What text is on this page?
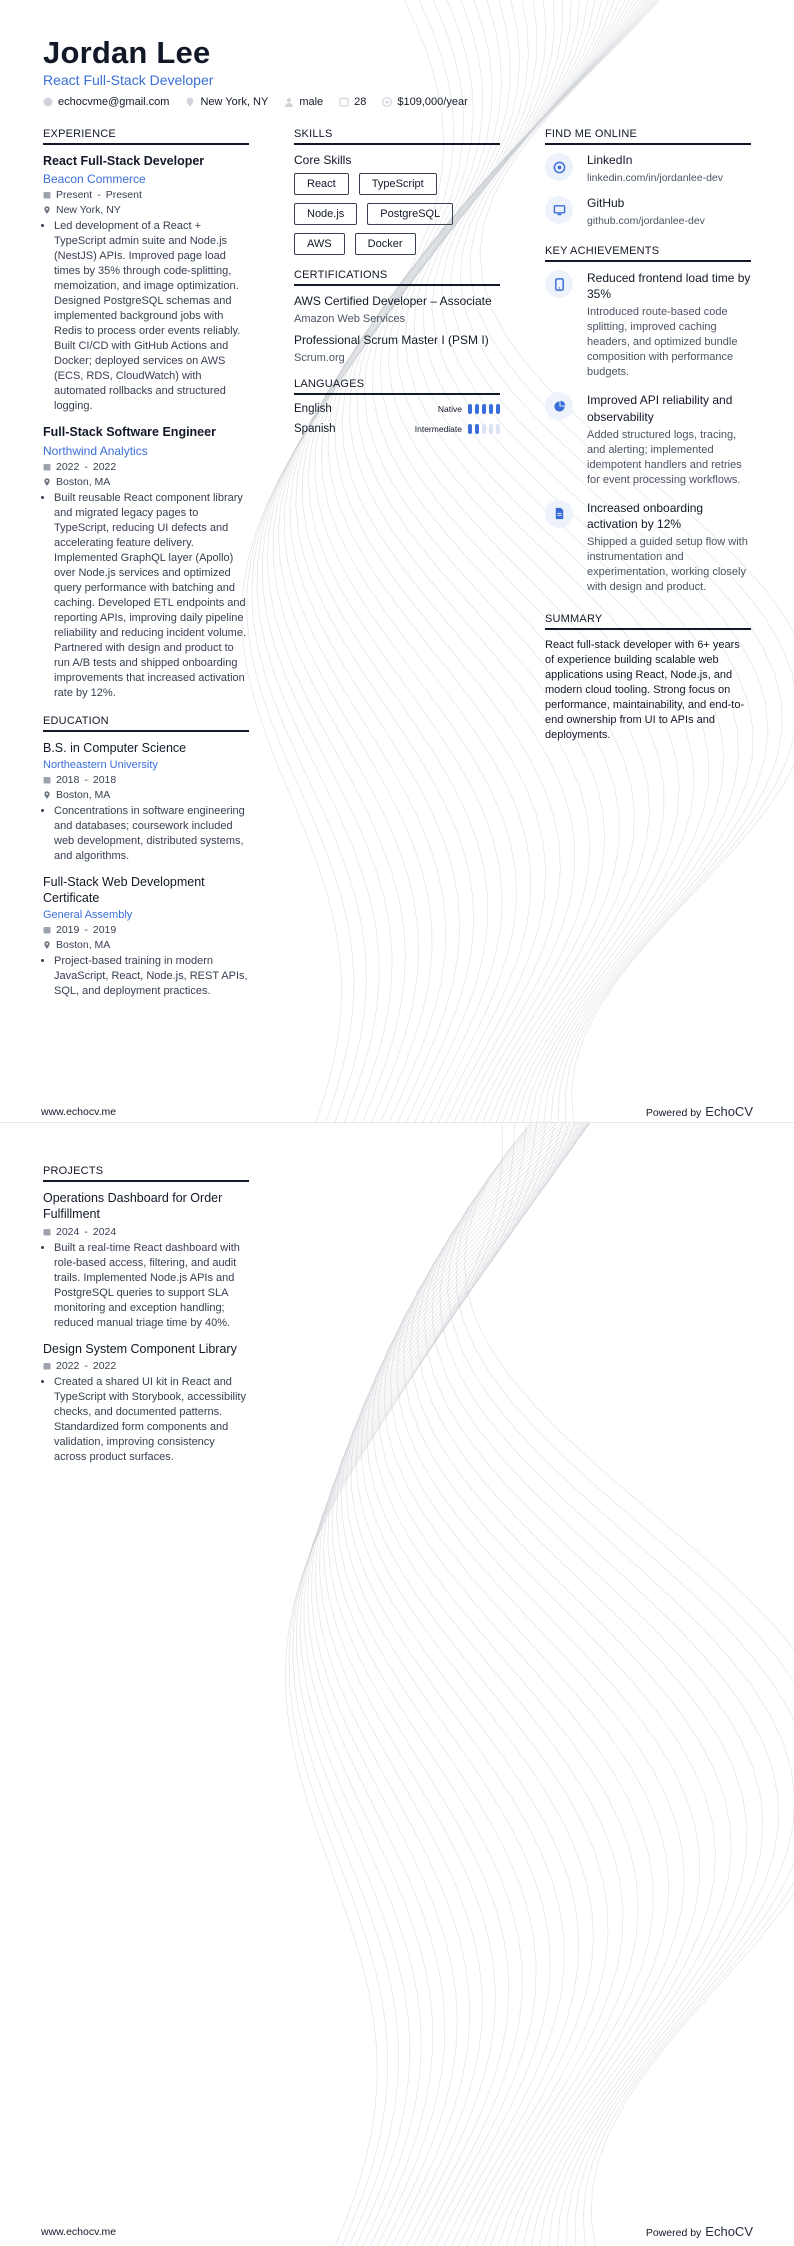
Jordan Lee
React Full-Stack Developer
echocvme@gmail.com	New York, NY	male	28	$109,000/year
EXPERIENCE
React Full-Stack Developer
Beacon Commerce
Present - Present
New York, NY
• Led development of a React + TypeScript admin suite and Node.js (NestJS) APIs. Improved page load times by 35% through code-splitting, memoization, and image optimization. Designed PostgreSQL schemas and implemented background jobs with Redis to process order events reliably. Built CI/CD with GitHub Actions and Docker; deployed services on AWS (ECS, RDS, CloudWatch) with automated rollbacks and structured logging.
Full-Stack Software Engineer
Northwind Analytics
2022 - 2022
Boston, MA
• Built reusable React component library and migrated legacy pages to TypeScript, reducing UI defects and accelerating feature delivery. Implemented GraphQL layer (Apollo) over Node.js services and optimized query performance with batching and caching. Developed ETL endpoints and reporting APIs, improving daily pipeline reliability and reducing incident volume. Partnered with design and product to run A/B tests and shipped onboarding improvements that increased activation rate by 12%.
EDUCATION
B.S. in Computer Science
Northeastern University
2018 - 2018
Boston, MA
• Concentrations in software engineering and databases; coursework included web development, distributed systems, and algorithms.
Full-Stack Web Development Certificate
General Assembly
2019 - 2019
Boston, MA
• Project-based training in modern JavaScript, React, Node.js, REST APIs, SQL, and deployment practices.
SKILLS
Core Skills
React	TypeScript
Node.js	PostgreSQL
AWS	Docker
CERTIFICATIONS
AWS Certified Developer – Associate
Amazon Web Services
Professional Scrum Master I (PSM I)
Scrum.org
LANGUAGES
English	Native
Spanish	Intermediate
FIND ME ONLINE
LinkedIn
linkedin.com/in/jordanlee-dev
GitHub
github.com/jordanlee-dev
KEY ACHIEVEMENTS
Reduced frontend load time by 35%
Introduced route-based code splitting, improved caching headers, and optimized bundle composition with performance budgets.
Improved API reliability and observability
Added structured logs, tracing, and alerting; implemented idempotent handlers and retries for event processing workflows.
Increased onboarding activation by 12%
Shipped a guided setup flow with instrumentation and experimentation, working closely with design and product.
SUMMARY
React full-stack developer with 6+ years of experience building scalable web applications using React, Node.js, and modern cloud tooling. Strong focus on performance, maintainability, and end-to-end ownership from UI to APIs and deployments.
www.echocv.me	Powered by EchoCV
PROJECTS
Operations Dashboard for Order Fulfillment
2024 - 2024
• Built a real-time React dashboard with role-based access, filtering, and audit trails. Implemented Node.js APIs and PostgreSQL queries to support SLA monitoring and exception handling; reduced manual triage time by 40%.
Design System Component Library
2022 - 2022
• Created a shared UI kit in React and TypeScript with Storybook, accessibility checks, and documented patterns. Standardized form components and validation, improving consistency across product surfaces.
www.echocv.me	Powered by EchoCV
